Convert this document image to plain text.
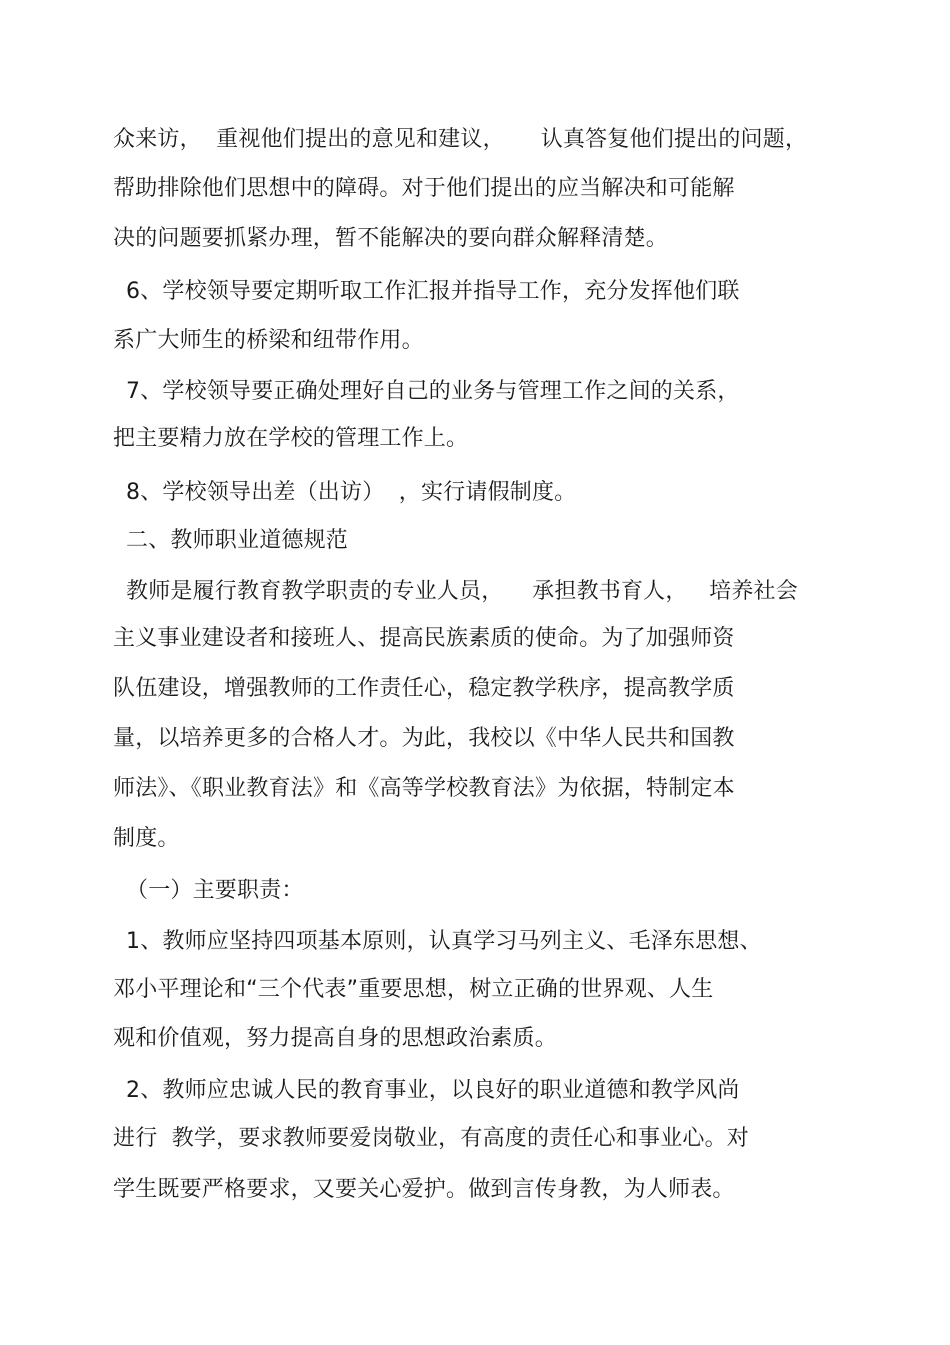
众来访，  重视他们提出的意见和建议，     认真答复他们提出的问题，
帮助排除他们思想中的障碍。对于他们提出的应当解决和可能解
决的问题要抓紧办理，暂不能解决的要向群众解释清楚。
6、学校领导要定期听取工作汇报并指导工作，充分发挥他们联
系广大师生的桥梁和纽带作用。
7、学校领导要正确处理好自己的业务与管理工作之间的关系，
把主要精力放在学校的管理工作上。
8、学校领导出差（出访）  ，实行请假制度。
二、教师职业道德规范
教师是履行教育教学职责的专业人员，    承担教书育人，   培养社会
主义事业建设者和接班人、提高民族素质的使命。为了加强师资
队伍建设，增强教师的工作责任心，稳定教学秩序，提高教学质
量，以培养更多的合格人才。为此，我校以《中华人民共和国教
师法》、《职业教育法》和《高等学校教育法》为依据，特制定本
制度。
（一）主要职责：
1、教师应坚持四项基本原则，认真学习马列主义、毛泽东思想、
邓小平理论和“三个代表”重要思想，树立正确的世界观、人生
观和价值观，努力提高自身的思想政治素质。
2、教师应忠诚人民的教育事业，以良好的职业道德和教学风尚
进行  教学，要求教师要爱岗敬业，有高度的责任心和事业心。对
学生既要严格要求，又要关心爱护。做到言传身教，为人师表。
